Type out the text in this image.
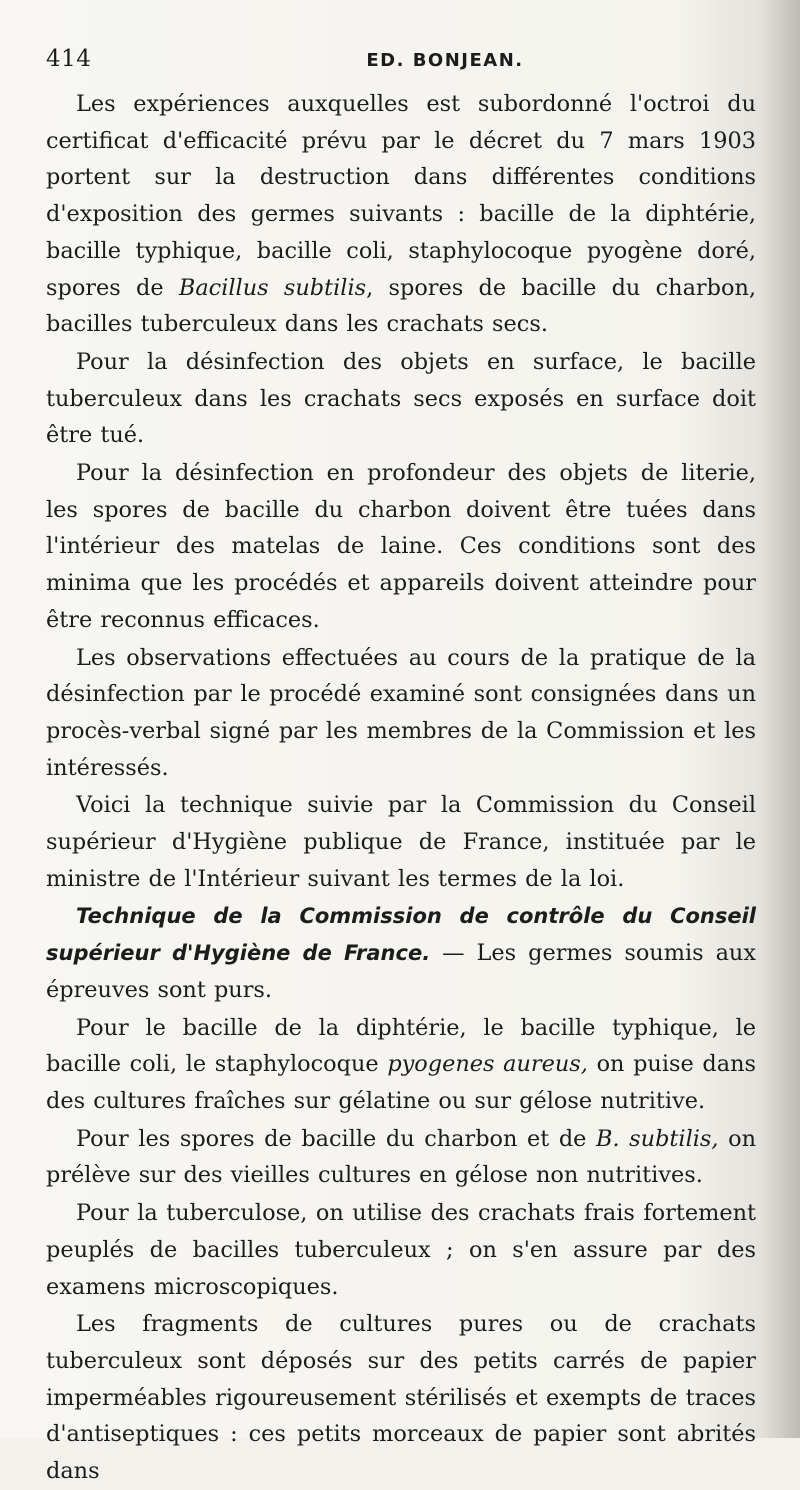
414	ED. BONJEAN.

Les expériences auxquelles est subordonné l'octroi du certificat d'efficacité prévu par le décret du 7 mars 1903 portent sur la destruction dans différentes conditions d'exposition des germes suivants : bacille de la diphtérie, bacille typhique, bacille coli, staphylocoque pyogène doré, spores de Bacillus subtilis, spores de bacille du charbon, bacilles tuberculeux dans les crachats secs.

Pour la désinfection des objets en surface, le bacille tuberculeux dans les crachats secs exposés en surface doit être tué.

Pour la désinfection en profondeur des objets de literie, les spores de bacille du charbon doivent être tuées dans l'intérieur des matelas de laine. Ces conditions sont des minima que les procédés et appareils doivent atteindre pour être reconnus efficaces.

Les observations effectuées au cours de la pratique de la désinfection par le procédé examiné sont consignées dans un procès-verbal signé par les membres de la Commission et les intéressés.

Voici la technique suivie par la Commission du Conseil supérieur d'Hygiène publique de France, instituée par le ministre de l'Intérieur suivant les termes de la loi.

Technique de la Commission de contrôle du Conseil supérieur d'Hygiène de France. — Les germes soumis aux épreuves sont purs.

Pour le bacille de la diphtérie, le bacille typhique, le bacille coli, le staphylocoque pyogenes aureus, on puise dans des cultures fraîches sur gélatine ou sur gélose nutritive.

Pour les spores de bacille du charbon et de B. subtilis, on prélève sur des vieilles cultures en gélose non nutritives.

Pour la tuberculose, on utilise des crachats frais fortement peuplés de bacilles tuberculeux ; on s'en assure par des examens microscopiques.

Les fragments de cultures pures ou de crachats tuberculeux sont déposés sur des petits carrés de papier imperméables rigoureusement stérilisés et exempts de traces d'antiseptiques : ces petits morceaux de papier sont abrités dans
